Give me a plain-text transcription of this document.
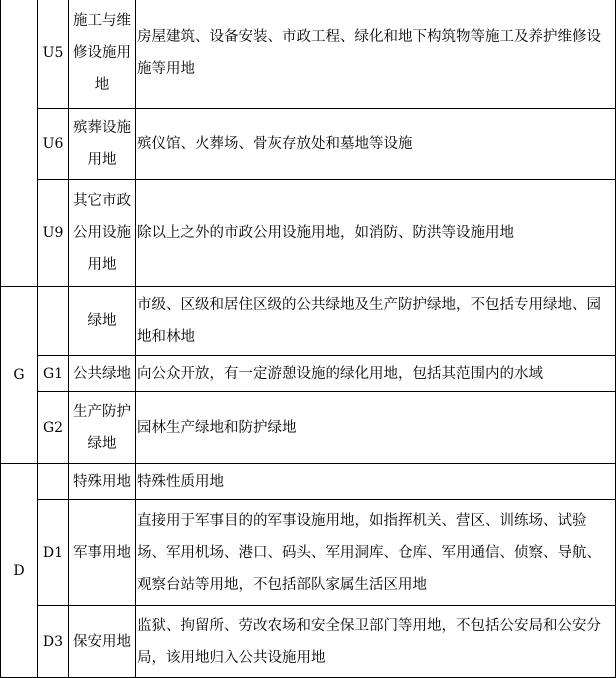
	U5	施工与维修设施用地	房屋建筑、设备安装、市政工程、绿化和地下构筑物等施工及养护维修设施等用地
	U6	殡葬设施用地	殡仪馆、火葬场、骨灰存放处和墓地等设施
	U9	其它市政公用设施用地	除以上之外的市政公用设施用地，如消防、防洪等设施用地
G		绿地	市级、区级和居住区级的公共绿地及生产防护绿地，不包括专用绿地、园地和林地
	G1	公共绿地	向公众开放，有一定游憩设施的绿化用地，包括其范围内的水域
	G2	生产防护绿地	园林生产绿地和防护绿地
D		特殊用地	特殊性质用地
	D1	军事用地	直接用于军事目的的军事设施用地，如指挥机关、营区、训练场、试验场、军用机场、港口、码头、军用洞库、仓库、军用通信、侦察、导航、观察台站等用地，不包括部队家属生活区用地
	D3	保安用地	监狱、拘留所、劳改农场和安全保卫部门等用地，不包括公安局和公安分局，该用地归入公共设施用地
